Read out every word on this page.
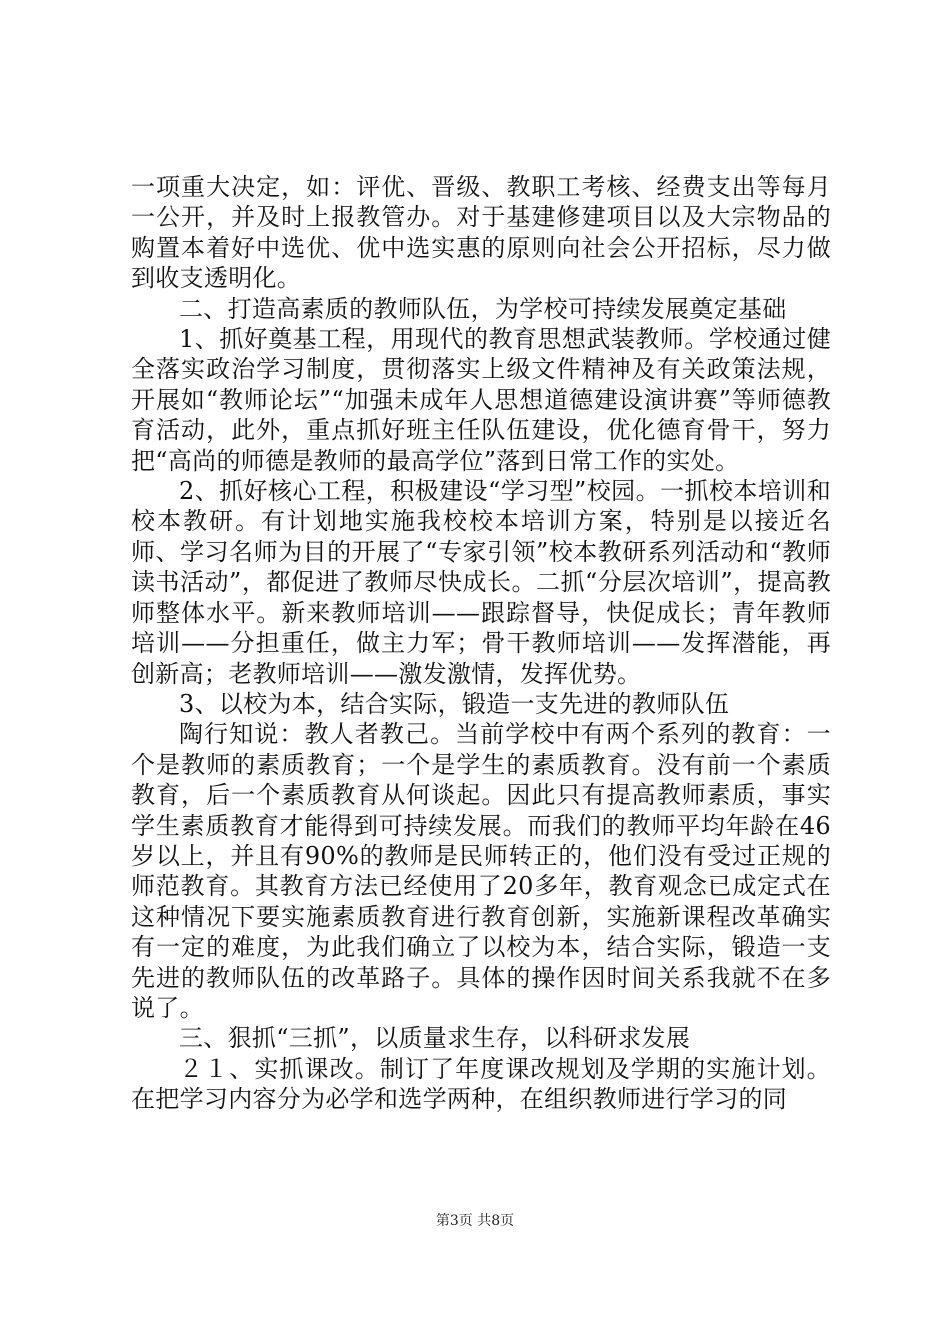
一项重大决定，如：评优、晋级、教职工考核、经费支出等每月一公开，并及时上报教管办。对于基建修建项目以及大宗物品的购置本着好中选优、优中选实惠的原则向社会公开招标，尽力做到收支透明化。

二、打造高素质的教师队伍，为学校可持续发展奠定基础

1、抓好奠基工程，用现代的教育思想武装教师。学校通过健全落实政治学习制度，贯彻落实上级文件精神及有关政策法规，开展如“教师论坛”“加强未成年人思想道德建设演讲赛”等师德教育活动，此外，重点抓好班主任队伍建设，优化德育骨干，努力把“高尚的师德是教师的最高学位”落到日常工作的实处。

2、抓好核心工程，积极建设“学习型”校园。一抓校本培训和校本教研。有计划地实施我校校本培训方案，特别是以接近名师、学习名师为目的开展了“专家引领”校本教研系列活动和“教师读书活动”，都促进了教师尽快成长。二抓“分层次培训”，提高教师整体水平。新来教师培训——跟踪督导，快促成长；青年教师培训——分担重任，做主力军；骨干教师培训——发挥潜能，再创新高；老教师培训——激发激情，发挥优势。

3、以校为本，结合实际，锻造一支先进的教师队伍

陶行知说：教人者教己。当前学校中有两个系列的教育：一个是教师的素质教育；一个是学生的素质教育。没有前一个素质教育，后一个素质教育从何谈起。因此只有提高教师素质，事实学生素质教育才能得到可持续发展。而我们的教师平均年龄在46岁以上，并且有90%的教师是民师转正的，他们没有受过正规的师范教育。其教育方法已经使用了20多年，教育观念已成定式在这种情况下要实施素质教育进行教育创新，实施新课程改革确实有一定的难度，为此我们确立了以校为本，结合实际，锻造一支先进的教师队伍的改革路子。具体的操作因时间关系我就不在多说了。

三、狠抓“三抓”，以质量求生存，以科研求发展

２１、实抓课改。制订了年度课改规划及学期的实施计划。在把学习内容分为必学和选学两种，在组织教师进行学习的同

第3页 共8页
